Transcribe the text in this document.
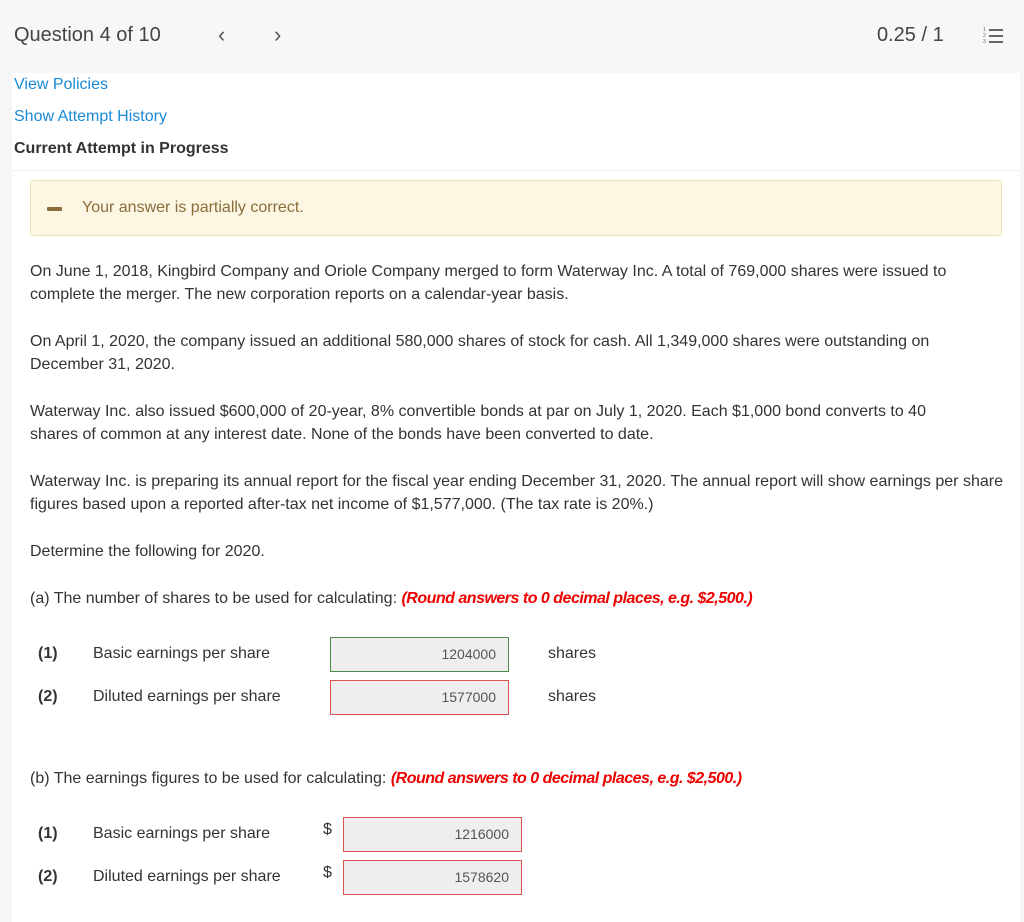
Question 4 of 10	‹ ›	0.25 / 1	1
2
3
View Policies
Show Attempt History
Current Attempt in Progress
Your answer is partially correct.
On June 1, 2018, Kingbird Company and Oriole Company merged to form Waterway Inc. A total of 769,000 shares were issued to complete the merger. The new corporation reports on a calendar-year basis.
On April 1, 2020, the company issued an additional 580,000 shares of stock for cash. All 1,349,000 shares were outstanding on December 31, 2020.
Waterway Inc. also issued $600,000 of 20-year, 8% convertible bonds at par on July 1, 2020. Each $1,000 bond converts to 40 shares of common at any interest date. None of the bonds have been converted to date.
Waterway Inc. is preparing its annual report for the fiscal year ending December 31, 2020. The annual report will show earnings per share figures based upon a reported after-tax net income of $1,577,000. (The tax rate is 20%.)
Determine the following for 2020.
(a) The number of shares to be used for calculating: (Round answers to 0 decimal places, e.g. $2,500.)
(1) Basic earnings per share	1204000	shares
(2) Diluted earnings per share	1577000	shares
(b) The earnings figures to be used for calculating: (Round answers to 0 decimal places, e.g. $2,500.)
(1) Basic earnings per share	$	1216000
(2) Diluted earnings per share	$	1578620
